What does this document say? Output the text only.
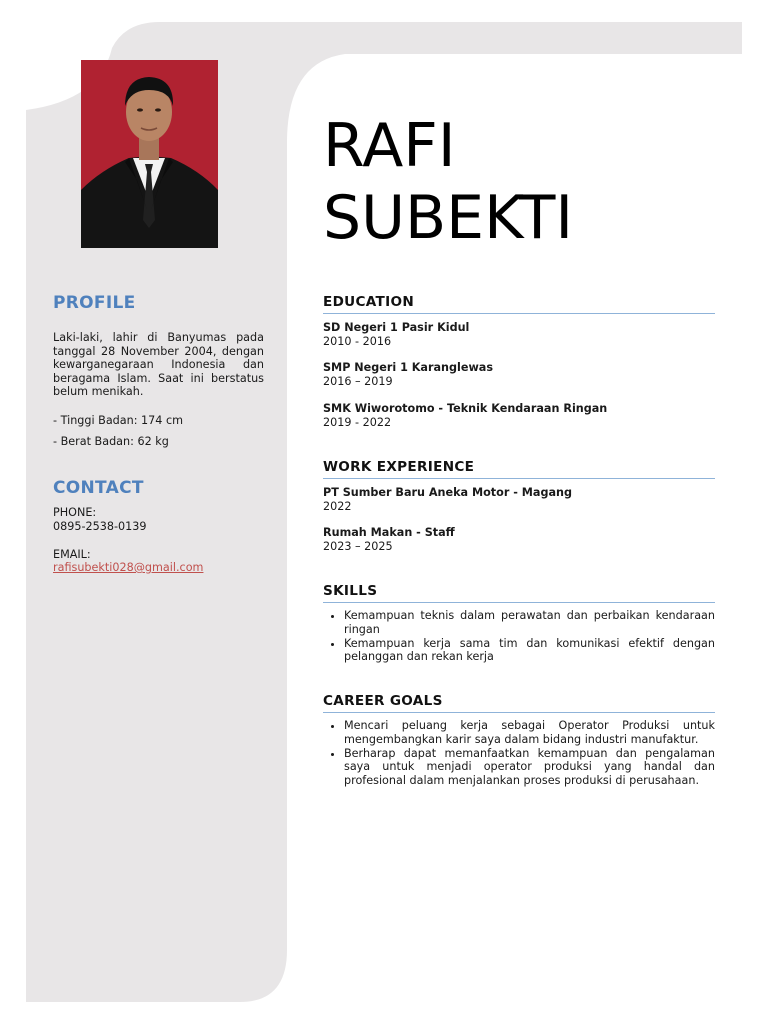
PROFILE

Laki-laki, lahir di Banyumas pada tanggal 28 November 2004, dengan kewarganegaraan Indonesia dan beragama Islam. Saat ini berstatus belum menikah.

- Tinggi Badan: 174 cm

- Berat Badan: 62 kg

CONTACT

PHONE:

0895-2538-0139

EMAIL:

rafisubekti028@gmail.com

RAFI
SUBEKTI
EDUCATION
SD Negeri 1 Pasir Kidul
2010 - 2016
SMP Negeri 1 Karanglewas
2016 – 2019
SMK Wiworotomo - Teknik Kendaraan Ringan
2019 - 2022
WORK EXPERIENCE
PT Sumber Baru Aneka Motor - Magang
2022
Rumah Makan - Staff
2023 – 2025
SKILLS
• Kemampuan teknis dalam perawatan dan perbaikan kendaraan ringan
• Kemampuan kerja sama tim dan komunikasi efektif dengan pelanggan dan rekan kerja
CAREER GOALS
• Mencari peluang kerja sebagai Operator Produksi untuk mengembangkan karir saya dalam bidang industri manufaktur.
• Berharap dapat memanfaatkan kemampuan dan pengalaman saya untuk menjadi operator produksi yang handal dan profesional dalam menjalankan proses produksi di perusahaan.
